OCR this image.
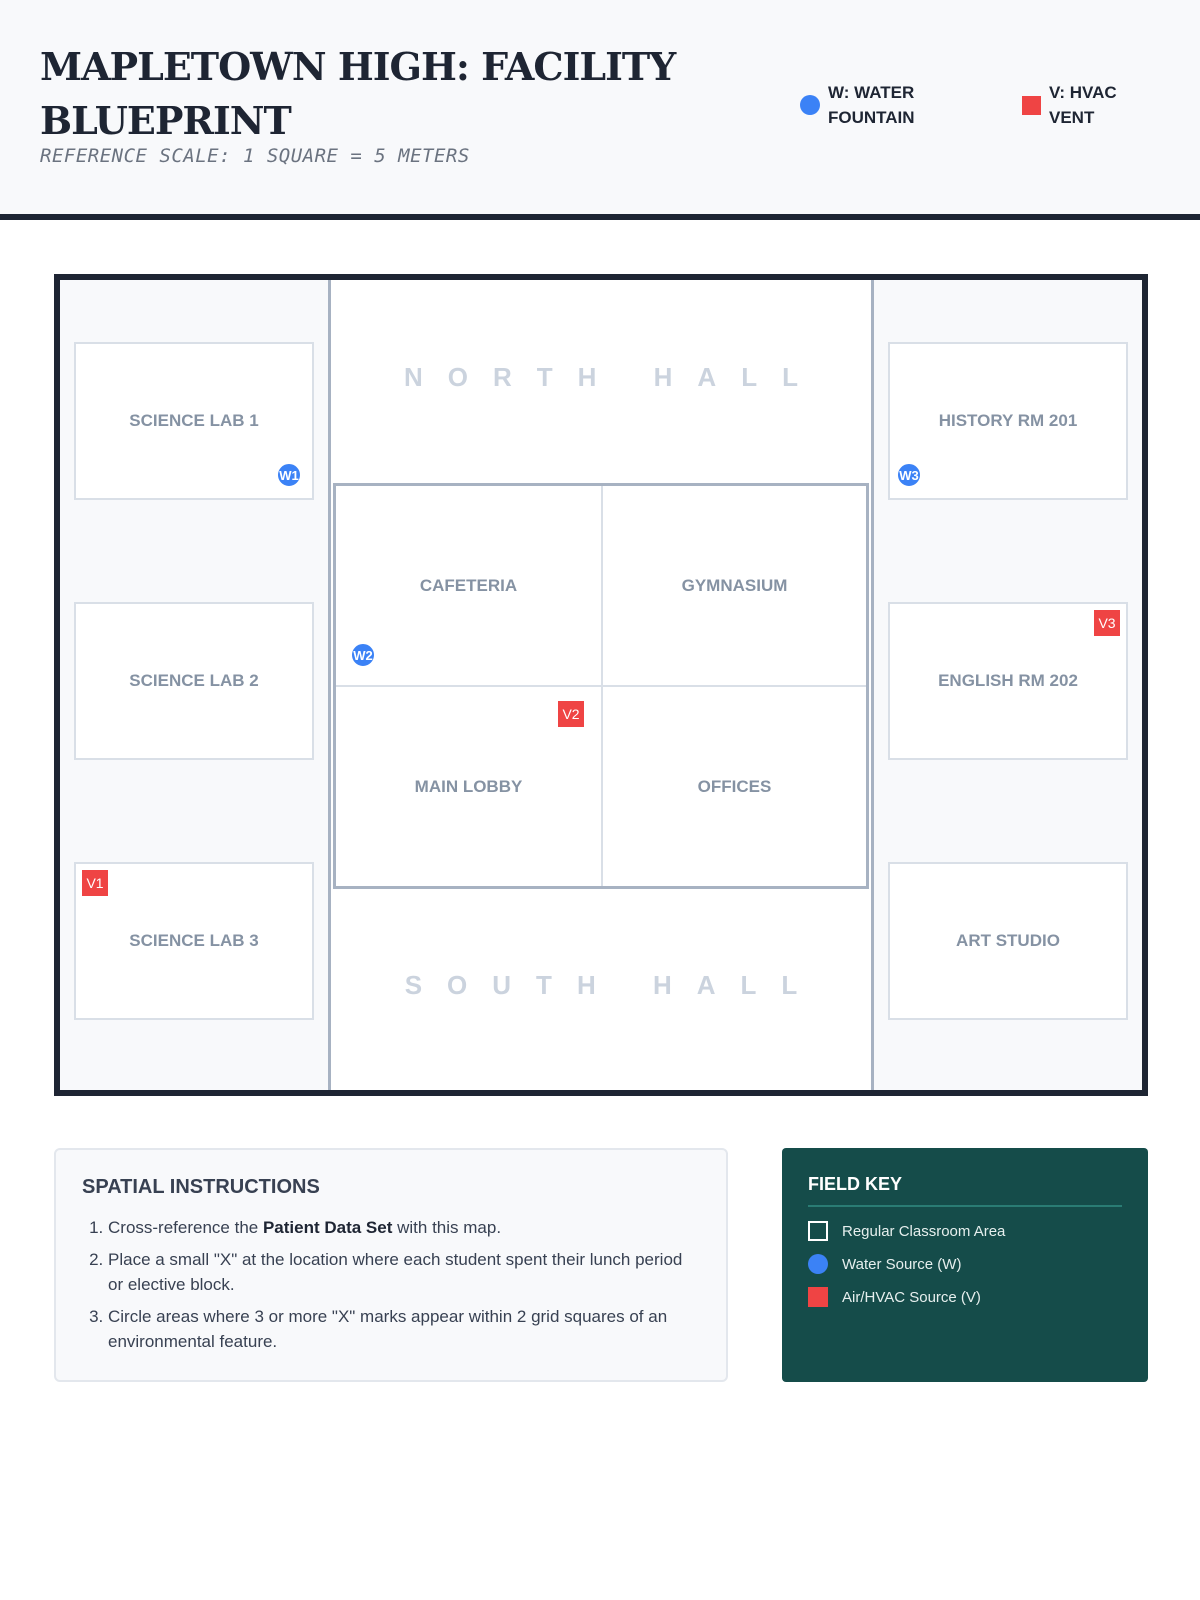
MAPLETOWN HIGH: FACILITY BLUEPRINT
REFERENCE SCALE: 1 SQUARE = 5 METERS
W: WATER FOUNTAIN
V: HVAC VENT
NORTH HALL
SOUTH HALL
SCIENCE LAB 1
W1
SCIENCE LAB 2
SCIENCE LAB 3
V1
HISTORY RM 201
W3
ENGLISH RM 202
V3
ART STUDIO
CAFETERIA
W2
GYMNASIUM
MAIN LOBBY
V2
OFFICES
SPATIAL INSTRUCTIONS
1. Cross-reference the Patient Data Set with this map.
2. Place a small "X" at the location where each student spent their lunch period or elective block.
3. Circle areas where 3 or more "X" marks appear within 2 grid squares of an environmental feature.
FIELD KEY
Regular Classroom Area
Water Source (W)
Air/HVAC Source (V)
